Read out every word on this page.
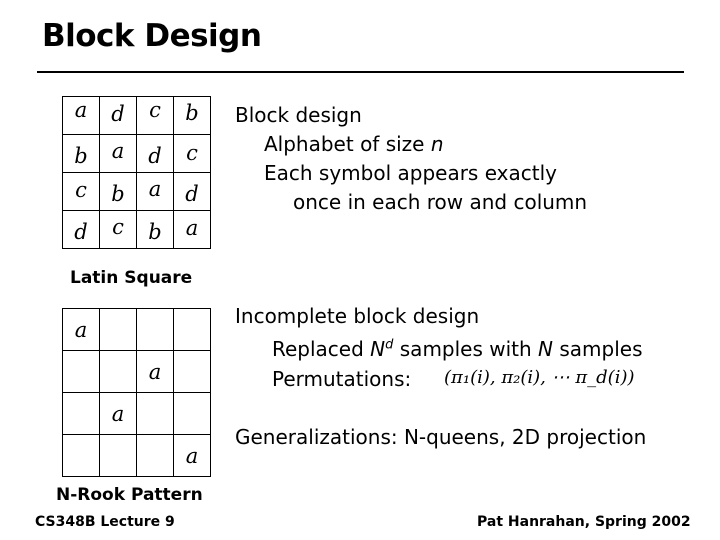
Block Design
a	d	c	b
b	a	d	c
c	b	a	d
d	c	b	a
Latin Square
a			
		a	
	a		
			a
N-Rook Pattern
Block design
Alphabet of size n
Each symbol appears exactly
once in each row and column
Incomplete block design
Replaced $N^d$ samples with N samples
Permutations: (π₁(i), π₂(i), ⋯ π_d(i))
Generalizations: N-queens, 2D projection
CS348B Lecture 9	Pat Hanrahan, Spring 2002
